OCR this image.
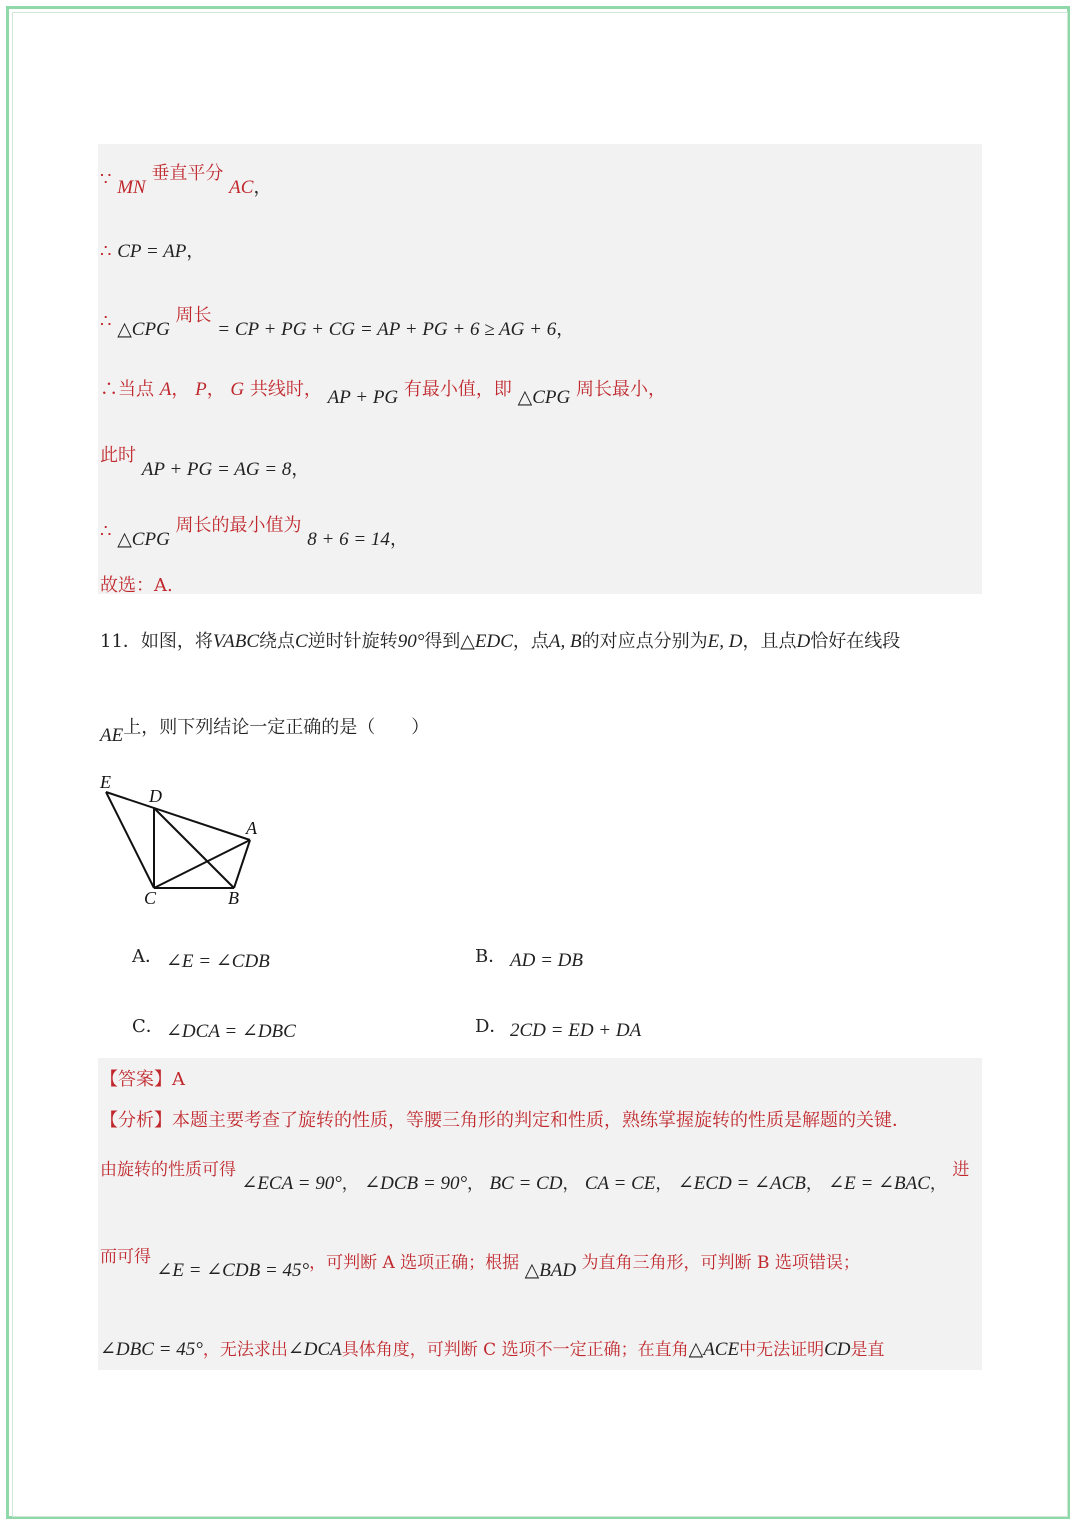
∵ MN 垂直平分 AC，
∴ CP = AP，
∴ △CPG 周长 = CP + PG + CG = AP + PG + 6 ≥ AG + 6，
∴当点 A， P， G 共线时， AP + PG 有最小值，即 △CPG 周长最小，
此时 AP + PG = AG = 8，
∴ △CPG 周长的最小值为 8 + 6 = 14，
故选：A.
11．如图，将VABC绕点C逆时针旋转90°得到△EDC，点A, B的对应点分别为E, D，且点D恰好在线段
AE上，则下列结论一定正确的是（　　）
E
D
A
C	B
A． ∠E = ∠CDB	B． AD = DB
C． ∠DCA = ∠DBC	D． 2CD = ED + DA
【答案】A
【分析】本题主要考查了旋转的性质，等腰三角形的判定和性质，熟练掌握旋转的性质是解题的关键．
由旋转的性质可得 ∠ECA = 90°， ∠DCB = 90°， BC = CD， CA = CE， ∠ECD = ∠ACB， ∠E = ∠BAC， 进
而可得 ∠E = ∠CDB = 45°，可判断 A 选项正确；根据 △BAD 为直角三角形，可判断 B 选项错误；
∠DBC = 45°，无法求出∠DCA具体角度，可判断 C 选项不一定正确；在直角△ACE中无法证明CD是直
